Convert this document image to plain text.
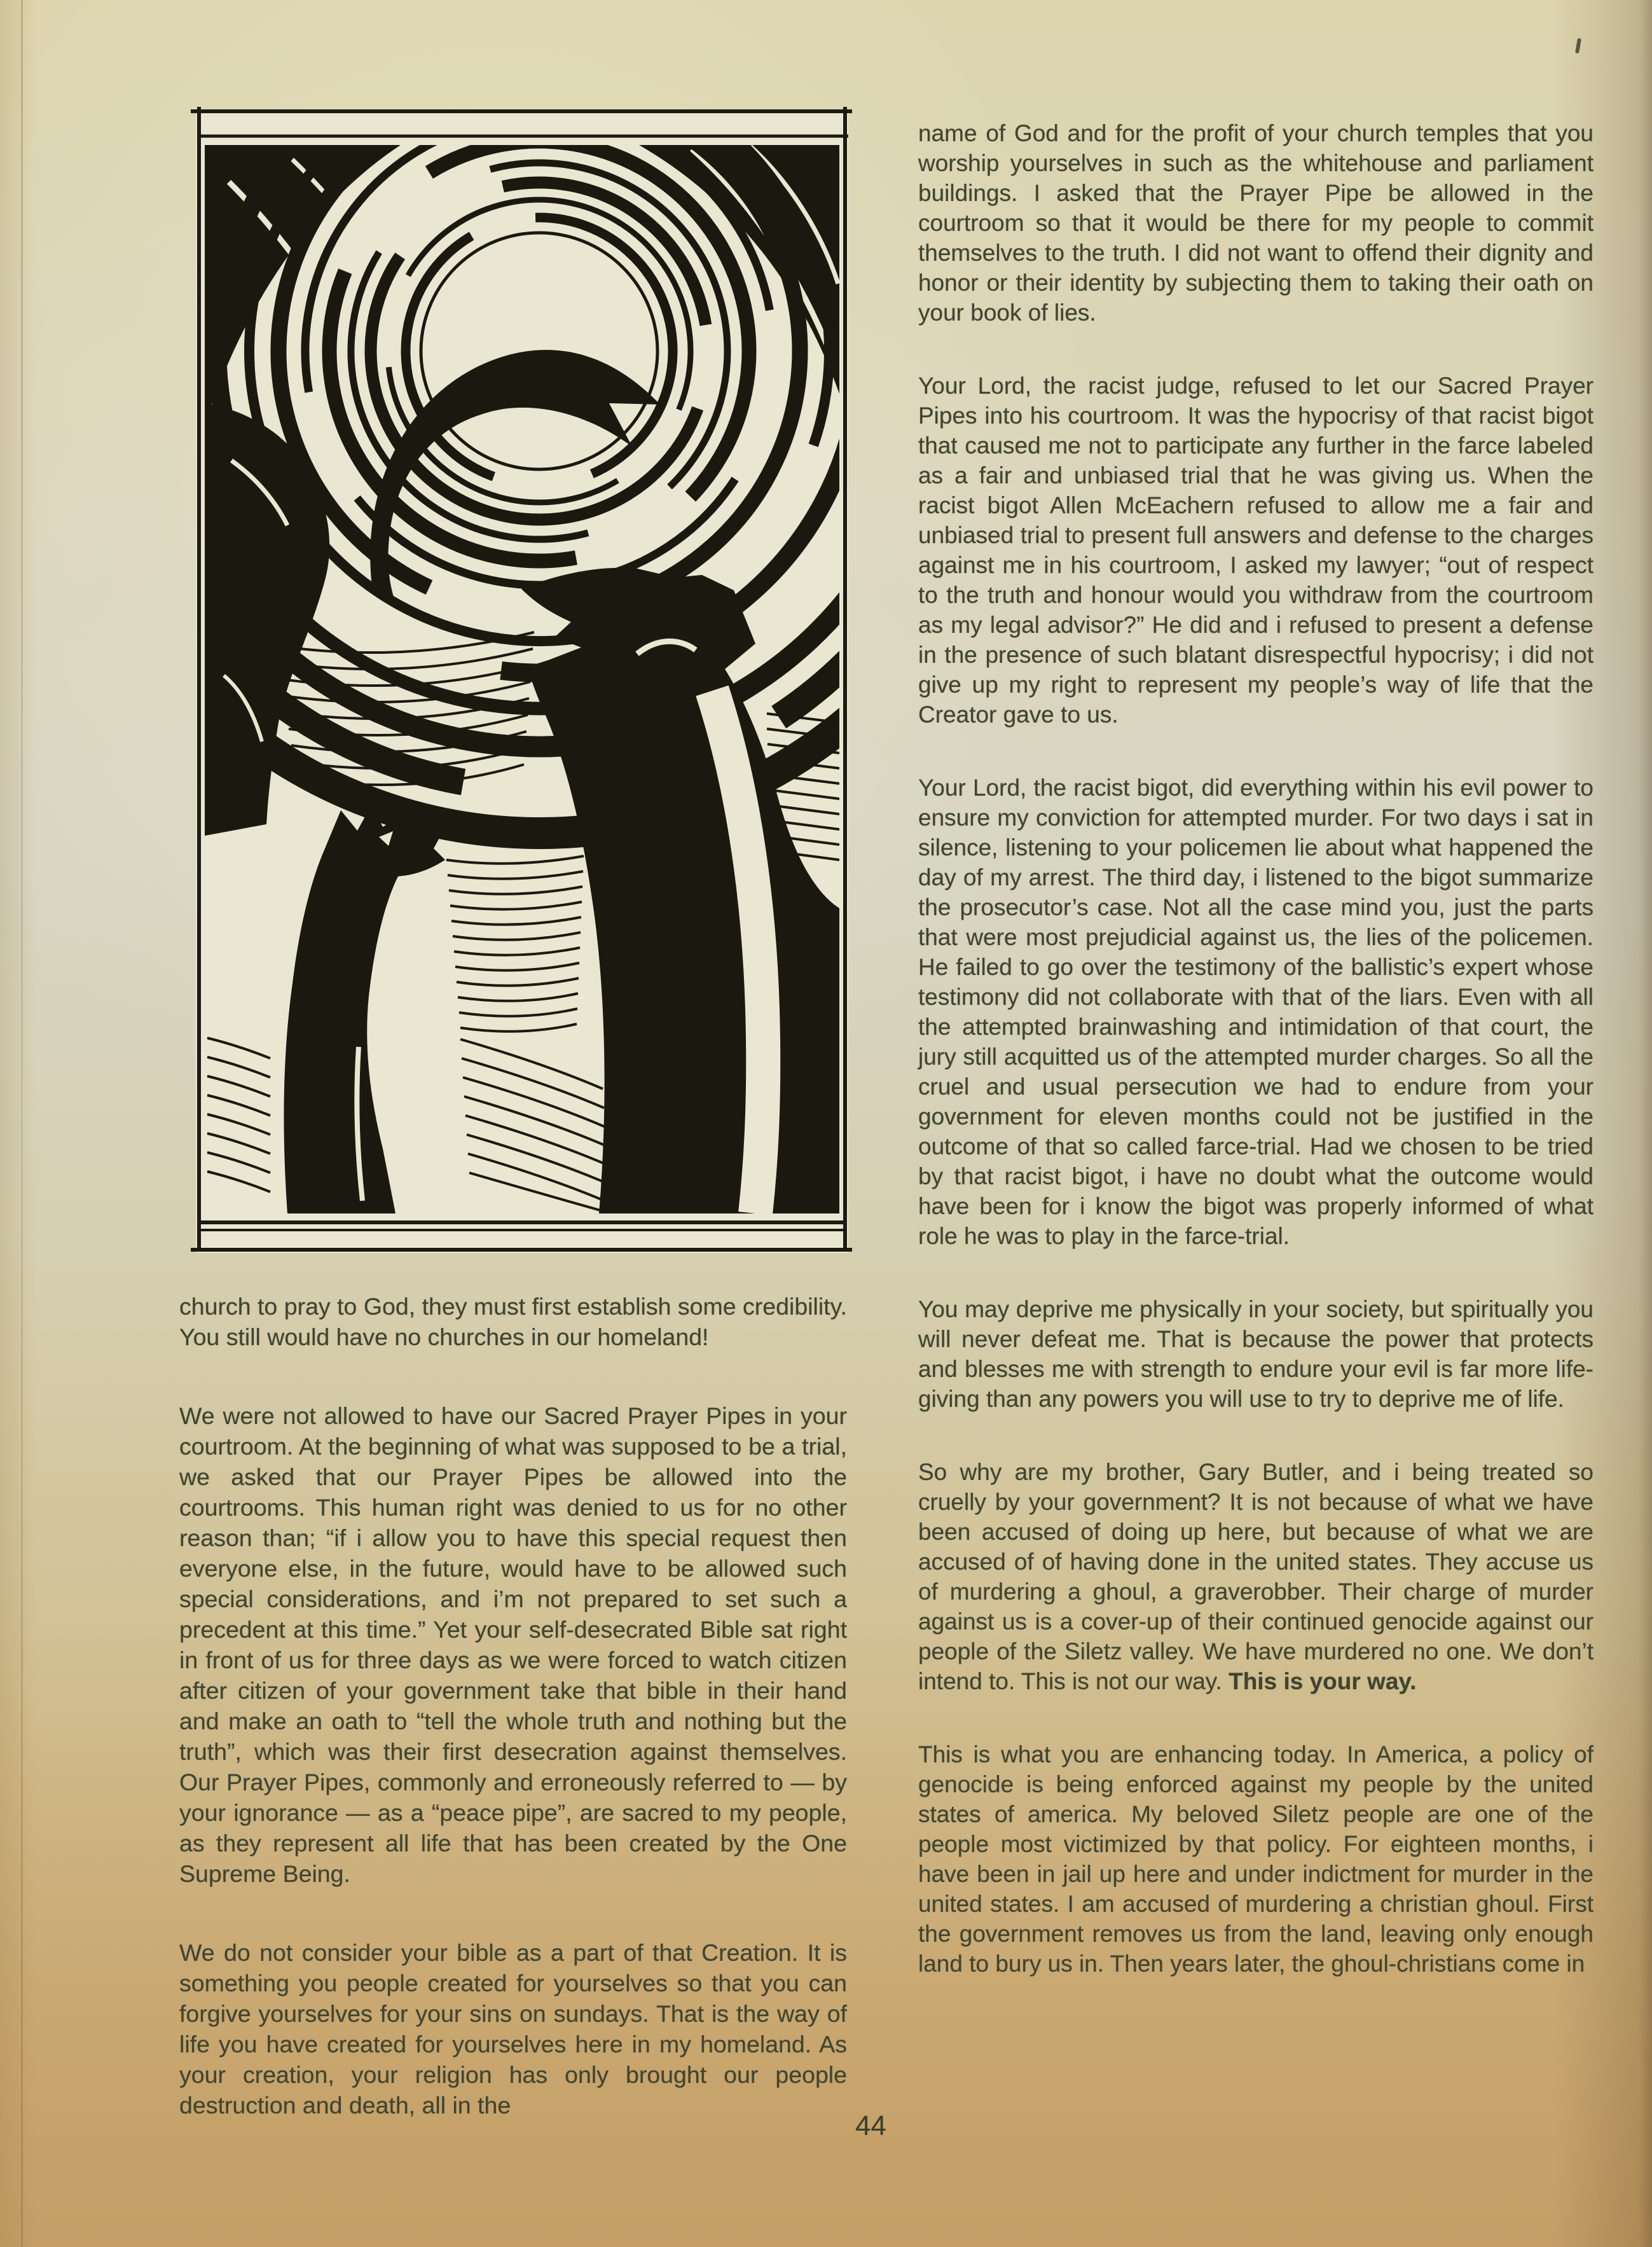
church to pray to God, they must first establish some credibility. You still would have no churches in our homeland!

We were not allowed to have our Sacred Prayer Pipes in your courtroom. At the beginning of what was supposed to be a trial, we asked that our Prayer Pipes be allowed into the courtrooms. This human right was denied to us for no other reason than; “if i allow you to have this special request then everyone else, in the future, would have to be allowed such special considerations, and i’m not prepared to set such a precedent at this time.” Yet your self-desecrated Bible sat right in front of us for three days as we were forced to watch citizen after citizen of your government take that bible in their hand and make an oath to “tell the whole truth and nothing but the truth”, which was their first desecration against themselves. Our Prayer Pipes, commonly and erroneously referred to — by your ignorance — as a “peace pipe”, are sacred to my people, as they represent all life that has been created by the One Supreme Being.

We do not consider your bible as a part of that Creation. It is something you people created for yourselves so that you can forgive yourselves for your sins on sundays. That is the way of life you have created for yourselves here in my homeland. As your creation, your religion has only brought our people destruction and death, all in the

name of God and for the profit of your church temples that you worship yourselves in such as the whitehouse and parliament buildings. I asked that the Prayer Pipe be allowed in the courtroom so that it would be there for my people to commit themselves to the truth. I did not want to offend their dignity and honor or their identity by subjecting them to taking their oath on your book of lies.

Your Lord, the racist judge, refused to let our Sacred Prayer Pipes into his courtroom. It was the hypocrisy of that racist bigot that caused me not to participate any further in the farce labeled as a fair and unbiased trial that he was giving us. When the racist bigot Allen McEachern refused to allow me a fair and unbiased trial to present full answers and defense to the charges against me in his courtroom, I asked my lawyer; “out of respect to the truth and honour would you withdraw from the courtroom as my legal advisor?” He did and i refused to present a defense in the presence of such blatant disrespectful hypocrisy; i did not give up my right to represent my people’s way of life that the Creator gave to us.

Your Lord, the racist bigot, did everything within his evil power to ensure my conviction for attempted murder. For two days i sat in silence, listening to your policemen lie about what happened the day of my arrest. The third day, i listened to the bigot summarize the prosecutor’s case. Not all the case mind you, just the parts that were most prejudicial against us, the lies of the policemen. He failed to go over the testimony of the ballistic’s expert whose testimony did not collaborate with that of the liars. Even with all the attempted brainwashing and intimidation of that court, the jury still acquitted us of the attempted murder charges. So all the cruel and usual persecution we had to endure from your government for eleven months could not be justified in the outcome of that so called farce-trial. Had we chosen to be tried by that racist bigot, i have no doubt what the outcome would have been for i know the bigot was properly informed of what role he was to play in the farce-trial.

You may deprive me physically in your society, but spiritually you will never defeat me. That is because the power that protects and blesses me with strength to endure your evil is far more life-giving than any powers you will use to try to deprive me of life.

So why are my brother, Gary Butler, and i being treated so cruelly by your government? It is not because of what we have been accused of doing up here, but because of what we are accused of of having done in the united states. They accuse us of murdering a ghoul, a graverobber. Their charge of murder against us is a cover-up of their continued genocide against our people of the Siletz valley. We have murdered no one. We don’t intend to. This is not our way. This is your way.

This is what you are enhancing today. In America, a policy of genocide is being enforced against my people by the united states of america. My beloved Siletz people are one of the people most victimized by that policy. For eighteen months, i have been in jail up here and under indictment for murder in the united states. I am accused of murdering a christian ghoul. First the government removes us from the land, leaving only enough land to bury us in. Then years later, the ghoul-christians come in

44
